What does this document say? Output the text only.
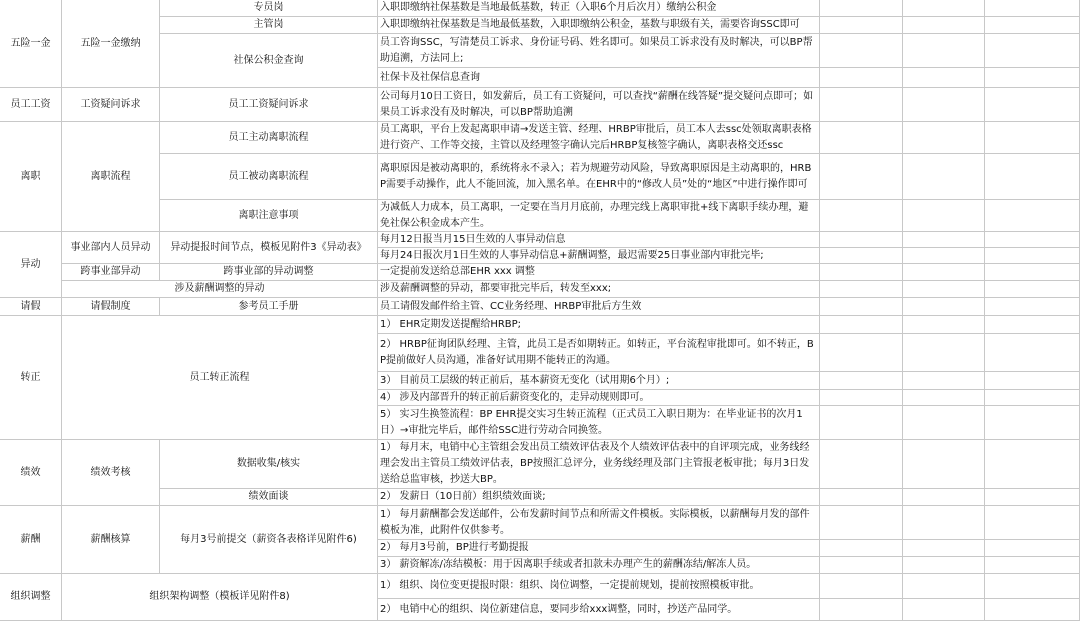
五险一金
员工工资
离职
异动
请假
转正
绩效
薪酬
组织调整
五险一金缴纳
工资疑问诉求
离职流程
事业部内人员异动
跨事业部异动
请假制度
绩效考核
薪酬核算
专员岗
主管岗
社保公积金查询
员工工资疑问诉求
员工主动离职流程
员工被动离职流程
离职注意事项
异动提报时间节点，模板见附件3《异动表》
跨事业部的异动调整
涉及薪酬调整的异动
参考员工手册
员工转正流程
数据收集/核实
绩效面谈
每月3号前提交（薪资各表格详见附件6)
组织架构调整（模板详见附件8)
入职即缴纳社保基数是当地最低基数，转正（入职6个月后次月）缴纳公积金
入职即缴纳社保基数是当地最低基数，入职即缴纳公积金，基数与职级有关，需要咨询SSC即可
员工咨询SSC，写清楚员工诉求、身份证号码、姓名即可。如果员工诉求没有及时解决，可以BP帮助追溯，方法同上;
社保卡及社保信息查询
公司每月10日工资日，如发薪后，员工有工资疑问，可以查找“薪酬在线答疑”提交疑问点即可；如果员工诉求没有及时解决，可以BP帮助追溯
员工离职，平台上发起离职申请→发送主管、经理、HRBP审批后，员工本人去ssc处领取离职表格进行资产、工作等交接，主管以及经理签字确认完后HRBP复核签字确认，离职表格交还ssc
离职原因是被动离职的，系统将永不录入；若为规避劳动风险，导致离职原因是主动离职的，HRBP需要手动操作，此人不能回流，加入黑名单。在EHR中的“修改人员”处的“地区”中进行操作即可
为减低人力成本，员工离职，一定要在当月月底前，办理完线上离职审批+线下离职手续办理，避免社保公积金成本产生。
每月12日报当月15日生效的人事异动信息
每月24日报次月1日生效的人事异动信息+薪酬调整，最迟需要25日事业部内审批完毕;
一定提前发送给总部EHR xxx 调整
涉及薪酬调整的异动，都要审批完毕后，转发至xxx;
员工请假发邮件给主管、CC业务经理、HRBP审批后方生效
1） EHR定期发送提醒给HRBP;
2） HRBP征询团队经理、主管，此员工是否如期转正。如转正，平台流程审批即可。如不转正，BP提前做好人员沟通，准备好试用期不能转正的沟通。
3） 目前员工层级的转正前后，基本薪资无变化（试用期6个月）;
4） 涉及内部晋升的转正前后薪资变化的，走异动规则即可。
5） 实习生换签流程：BP EHR提交实习生转正流程（正式员工入职日期为：在毕业证书的次月1日）→审批完毕后，邮件给SSC进行劳动合同换签。
1） 每月末，电销中心主管组会发出员工绩效评估表及个人绩效评估表中的自评项完成，业务线经理会发出主管员工绩效评估表，BP按照汇总评分，业务线经理及部门主管报老板审批；每月3日发送给总监审核，抄送大BP。
2） 发薪日（10日前）组织绩效面谈;
1） 每月薪酬都会发送邮件，公布发薪时间节点和所需文件模板。实际模板，以薪酬每月发的部件模板为准，此附件仅供参考。
2） 每月3号前，BP进行考勤提报
3） 薪资解冻/冻结模板：用于因离职手续或者扣款未办理产生的薪酬冻结/解冻人员。
1） 组织、岗位变更提报时限：组织、岗位调整，一定提前规划，提前按照模板审批。
2） 电销中心的组织、岗位新建信息，要同步给xxx调整，同时，抄送产品同学。
